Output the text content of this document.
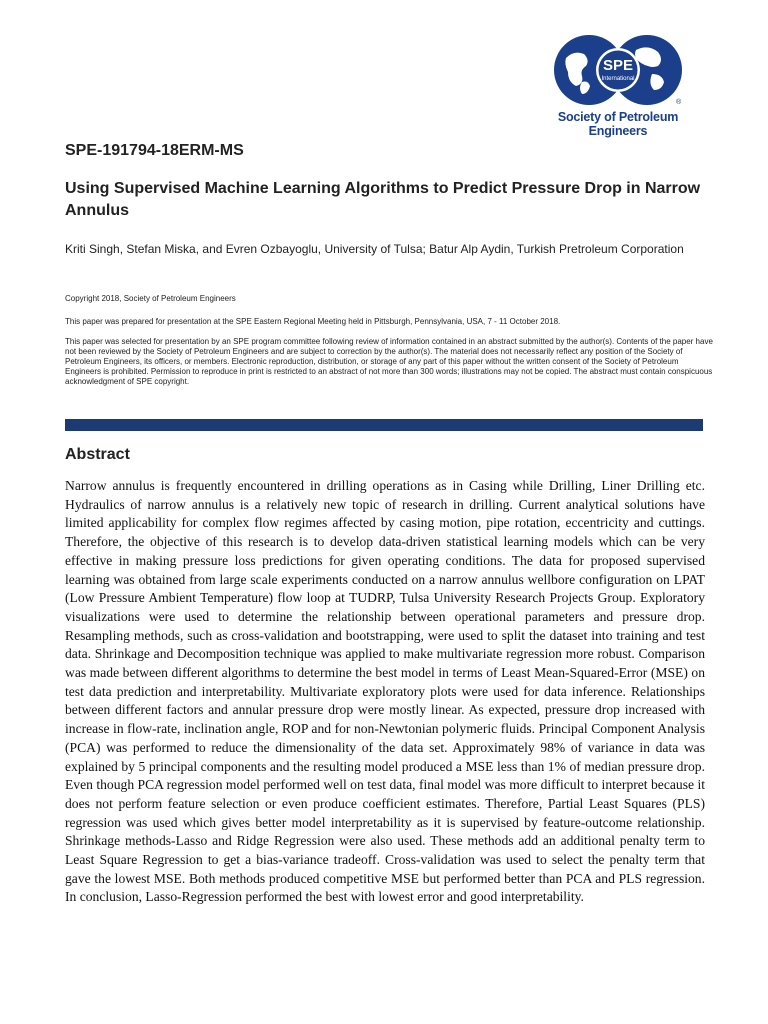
SPE
International
®
Society of Petroleum Engineers
SPE-191794-18ERM-MS
Using Supervised Machine Learning Algorithms to Predict Pressure Drop in Narrow Annulus
Kriti Singh, Stefan Miska, and Evren Ozbayoglu, University of Tulsa; Batur Alp Aydin, Turkish Pretroleum Corporation
Copyright 2018, Society of Petroleum Engineers
This paper was prepared for presentation at the SPE Eastern Regional Meeting held in Pittsburgh, Pennsylvania, USA, 7 - 11 October 2018.
This paper was selected for presentation by an SPE program committee following review of information contained in an abstract submitted by the author(s). Contents of the paper have not been reviewed by the Society of Petroleum Engineers and are subject to correction by the author(s). The material does not necessarily reflect any position of the Society of Petroleum Engineers, its officers, or members. Electronic reproduction, distribution, or storage of any part of this paper without the written consent of the Society of Petroleum Engineers is prohibited. Permission to reproduce in print is restricted to an abstract of not more than 300 words; illustrations may not be copied. The abstract must contain conspicuous acknowledgment of SPE copyright.
Abstract
Narrow annulus is frequently encountered in drilling operations as in Casing while Drilling, Liner Drilling etc. Hydraulics of narrow annulus is a relatively new topic of research in drilling. Current analytical solutions have limited applicability for complex flow regimes affected by casing motion, pipe rotation, eccentricity and cuttings. Therefore, the objective of this research is to develop data-driven statistical learning models which can be very effective in making pressure loss predictions for given operating conditions. The data for proposed supervised learning was obtained from large scale experiments conducted on a narrow annulus wellbore configuration on LPAT (Low Pressure Ambient Temperature) flow loop at TUDRP, Tulsa University Research Projects Group. Exploratory visualizations were used to determine the relationship between operational parameters and pressure drop. Resampling methods, such as cross-validation and bootstrapping, were used to split the dataset into training and test data. Shrinkage and Decomposition technique was applied to make multivariate regression more robust. Comparison was made between different algorithms to determine the best model in terms of Least Mean-Squared-Error (MSE) on test data prediction and interpretability. Multivariate exploratory plots were used for data inference. Relationships between different factors and annular pressure drop were mostly linear. As expected, pressure drop increased with increase in flow-rate, inclination angle, ROP and for non-Newtonian polymeric fluids. Principal Component Analysis (PCA) was performed to reduce the dimensionality of the data set. Approximately 98% of variance in data was explained by 5 principal components and the resulting model produced a MSE less than 1% of median pressure drop. Even though PCA regression model performed well on test data, final model was more difficult to interpret because it does not perform feature selection or even produce coefficient estimates. Therefore, Partial Least Squares (PLS) regression was used which gives better model interpretability as it is supervised by feature-outcome relationship. Shrinkage methods-Lasso and Ridge Regression were also used. These methods add an additional penalty term to Least Square Regression to get a bias-variance tradeoff. Cross-validation was used to select the penalty term that gave the lowest MSE. Both methods produced competitive MSE but performed better than PCA and PLS regression. In conclusion, Lasso-Regression performed the best with lowest error and good interpretability.
